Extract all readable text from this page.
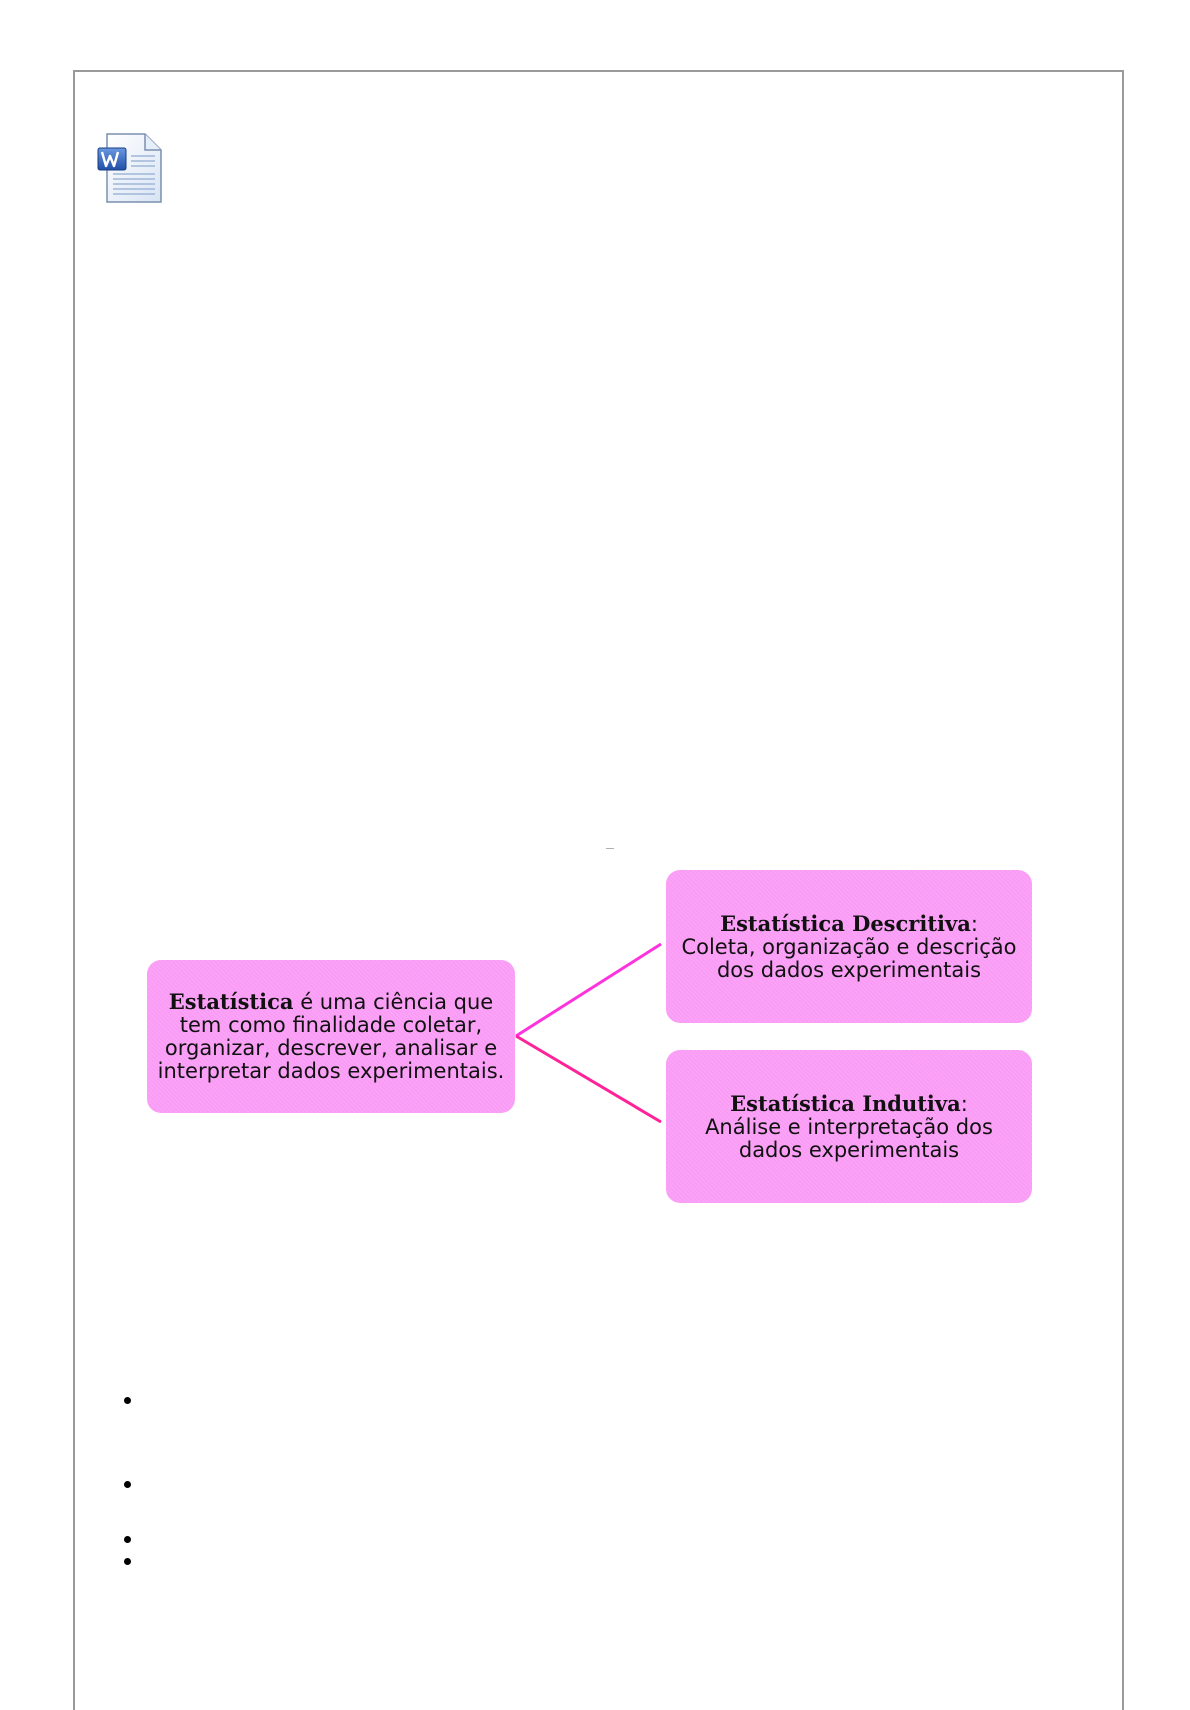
Estatística é uma ciência que tem como finalidade coletar, organizar, descrever, analisar e interpretar dados experimentais.
Estatística Descritiva:
Coleta, organização e descrição dos dados experimentais
Estatística Indutiva:
Análise e interpretação dos dados experimentais
